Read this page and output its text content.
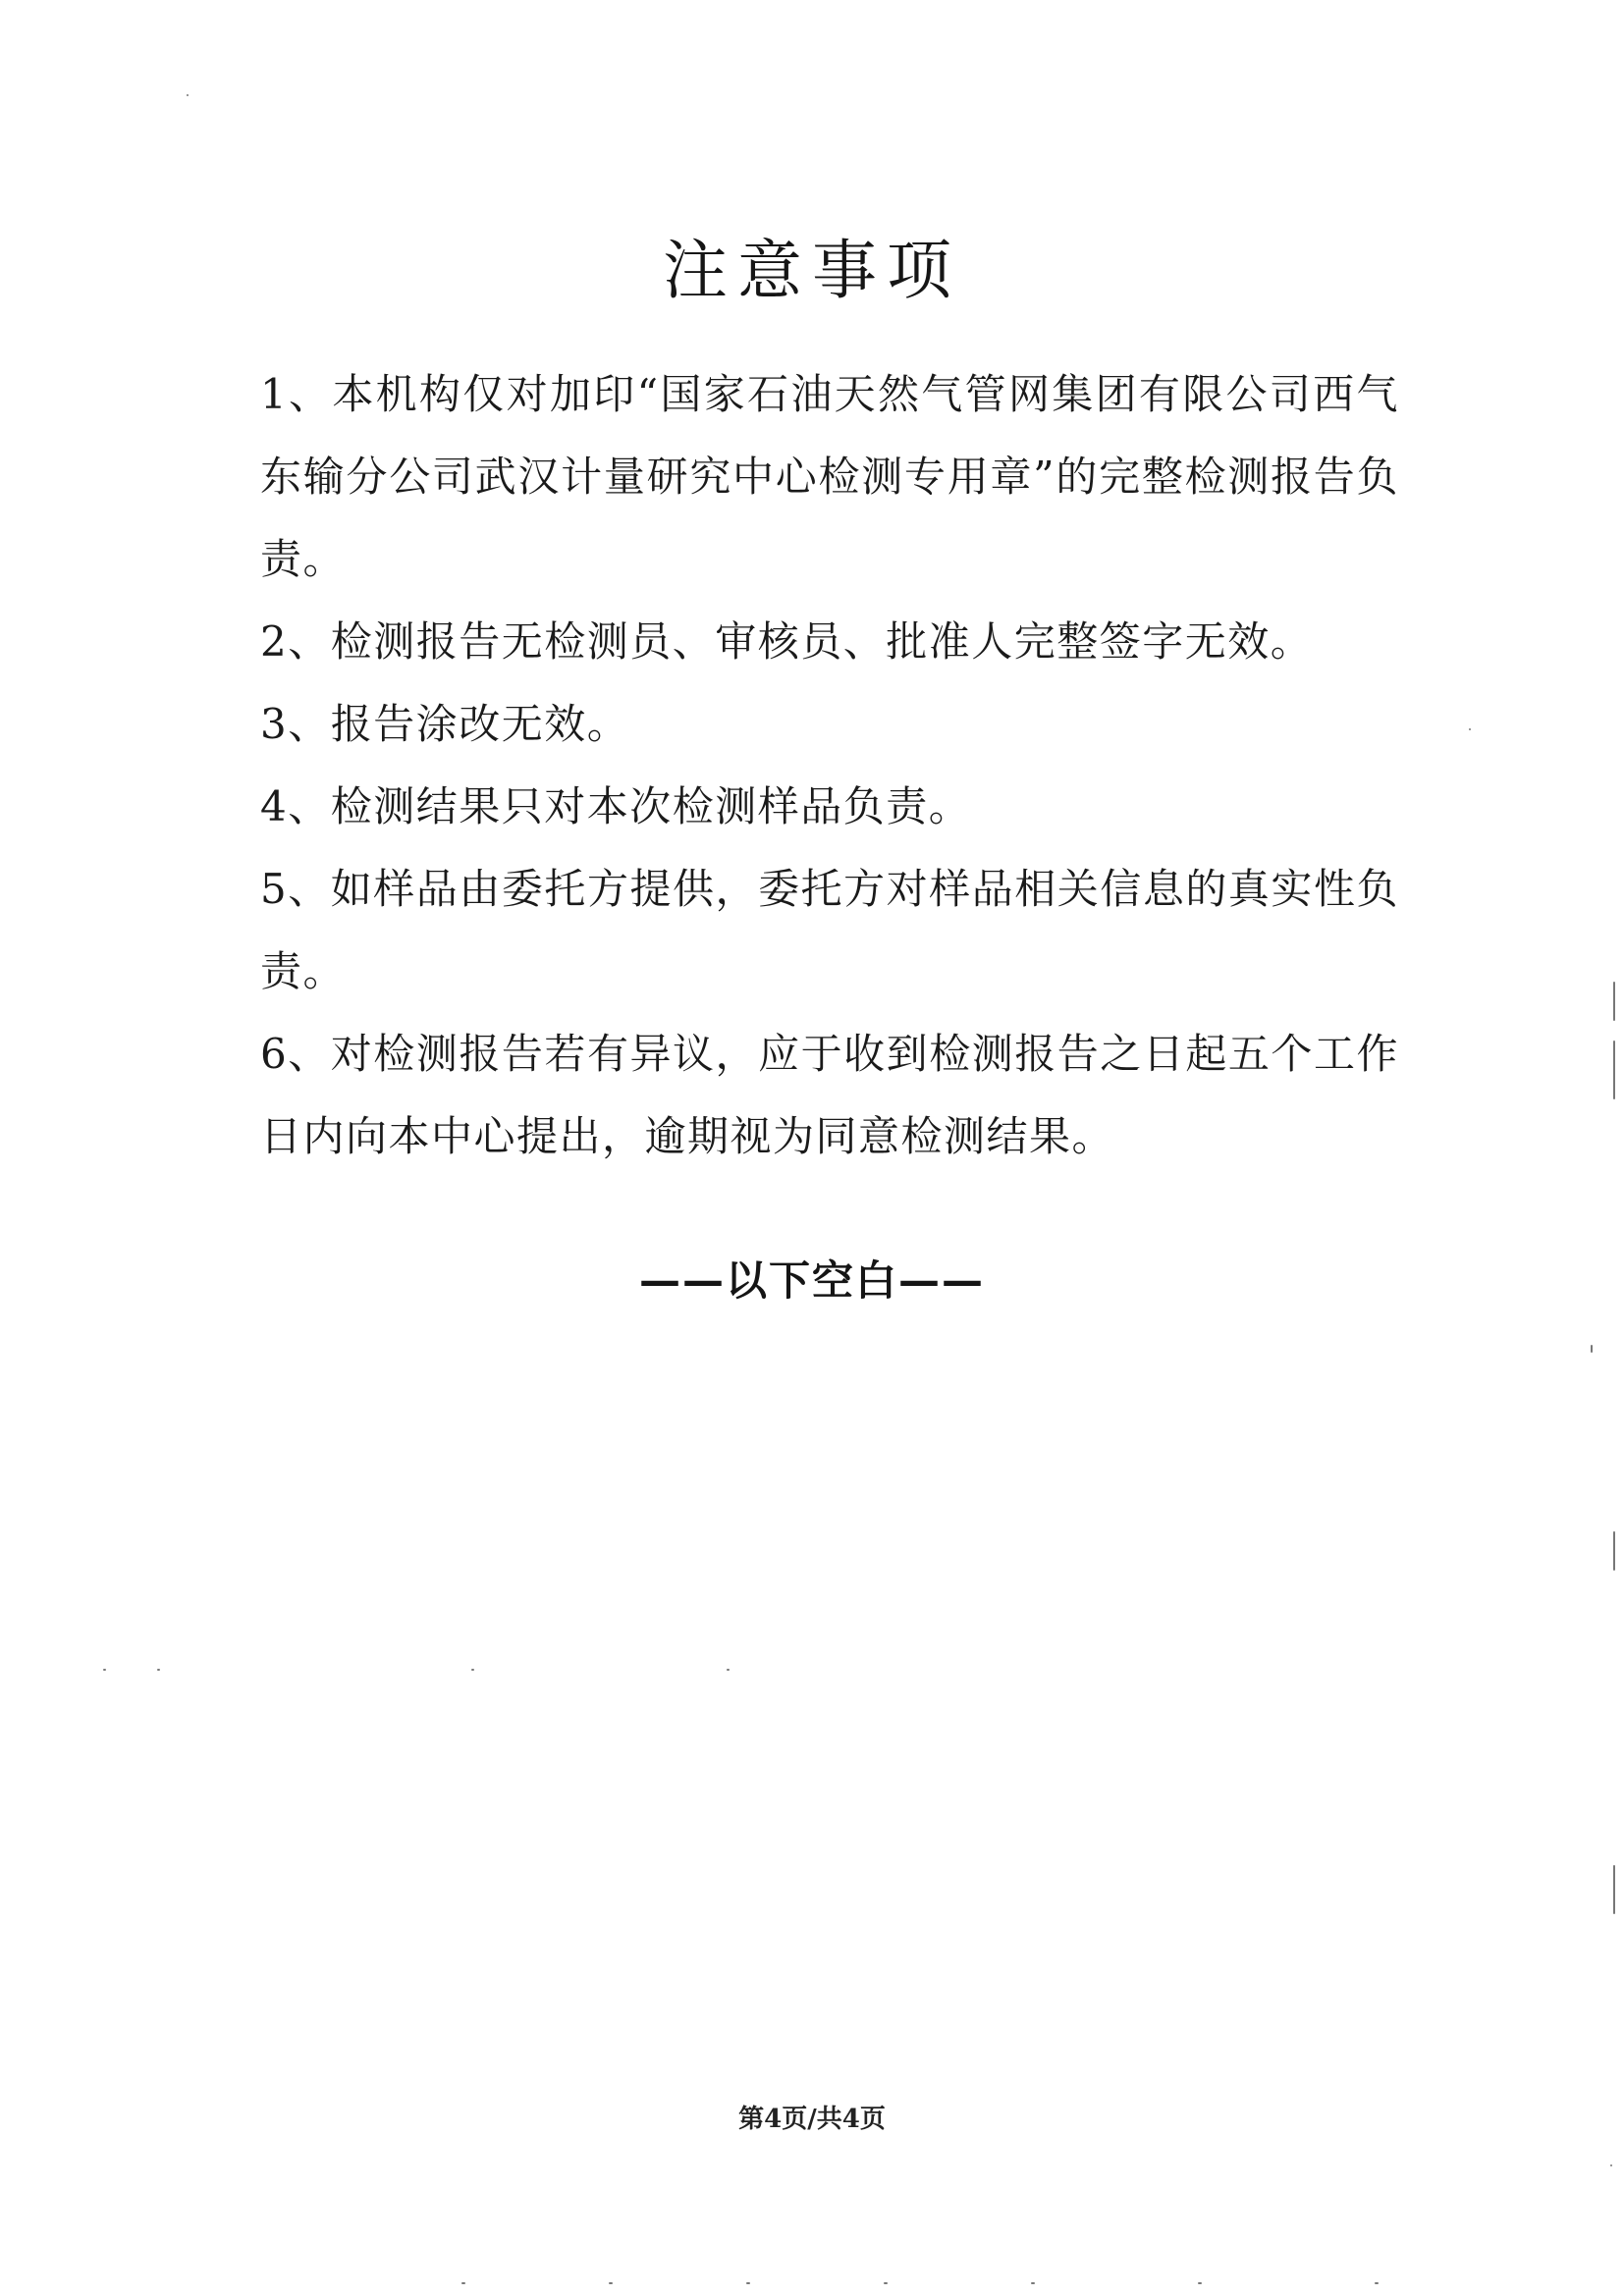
注意事项

1、本机构仅对加印“国家石油天然气管网集团有限公司西气东输分公司武汉计量研究中心检测专用章”的完整检测报告负责。

2、检测报告无检测员、审核员、批准人完整签字无效。

3、报告涂改无效。

4、检测结果只对本次检测样品负责。

5、如样品由委托方提供，委托方对样品相关信息的真实性负责。

6、对检测报告若有异议，应于收到检测报告之日起五个工作日内向本中心提出，逾期视为同意检测结果。

——以下空白——
第4页/共4页
